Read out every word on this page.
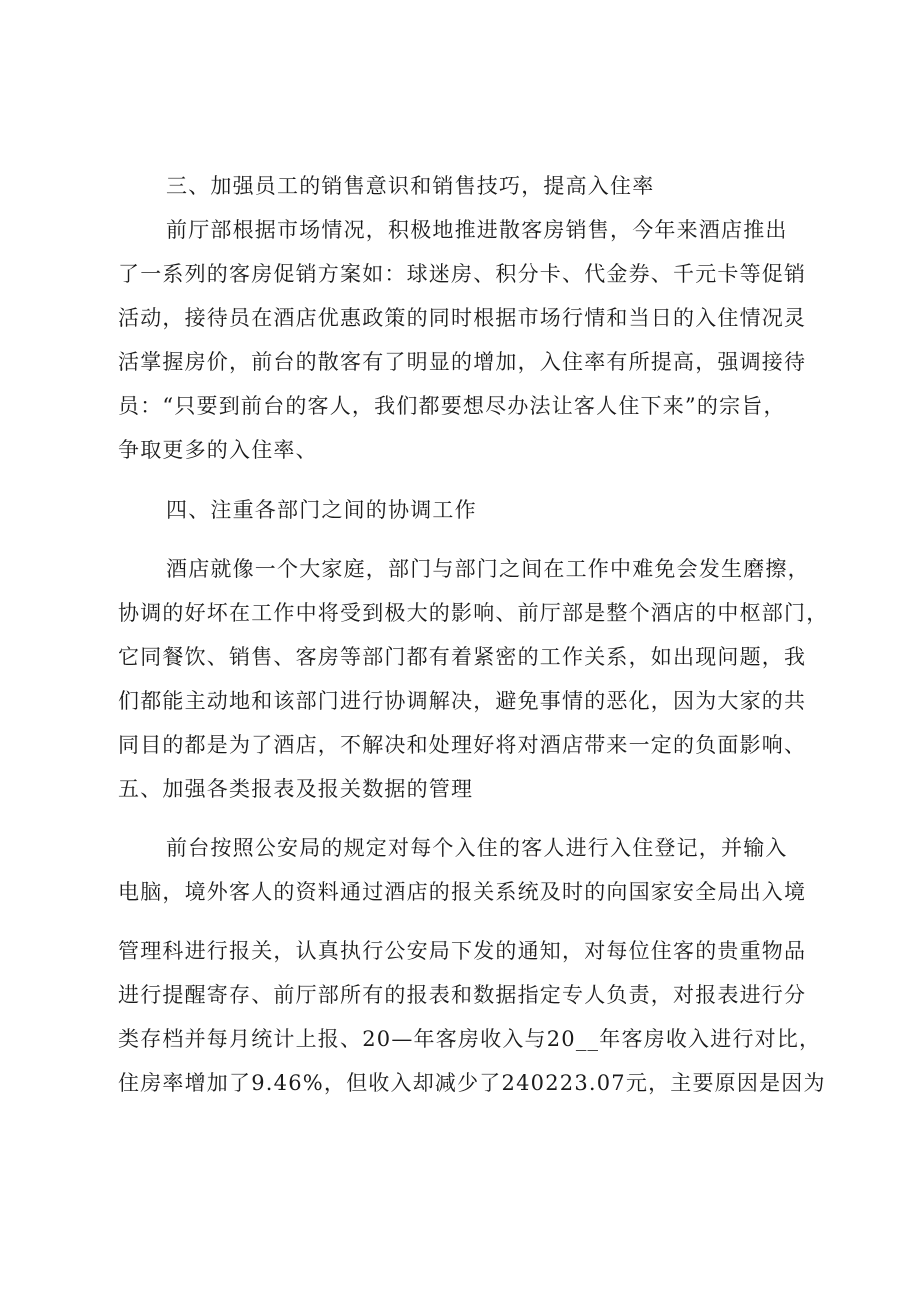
三、加强员工的销售意识和销售技巧，提高入住率
前厅部根据市场情况，积极地推进散客房销售，今年来酒店推出
了一系列的客房促销方案如：球迷房、积分卡、代金券、千元卡等促销
活动，接待员在酒店优惠政策的同时根据市场行情和当日的入住情况灵
活掌握房价，前台的散客有了明显的增加，入住率有所提高，强调接待
员：“只要到前台的客人，我们都要想尽办法让客人住下来”的宗旨，
争取更多的入住率、
四、注重各部门之间的协调工作
酒店就像一个大家庭，部门与部门之间在工作中难免会发生磨擦，
协调的好坏在工作中将受到极大的影响、前厅部是整个酒店的中枢部门，
它同餐饮、销售、客房等部门都有着紧密的工作关系，如出现问题，我
们都能主动地和该部门进行协调解决，避免事情的恶化，因为大家的共
同目的都是为了酒店，不解决和处理好将对酒店带来一定的负面影响、
五、加强各类报表及报关数据的管理
前台按照公安局的规定对每个入住的客人进行入住登记，并输入
电脑，境外客人的资料通过酒店的报关系统及时的向国家安全局出入境
管理科进行报关，认真执行公安局下发的通知，对每位住客的贵重物品
进行提醒寄存、前厅部所有的报表和数据指定专人负责，对报表进行分
类存档并每月统计上报、20—年客房收入与20__年客房收入进行对比，
住房率增加了9.46%，但收入却减少了240223.07元，主要原因是因为
